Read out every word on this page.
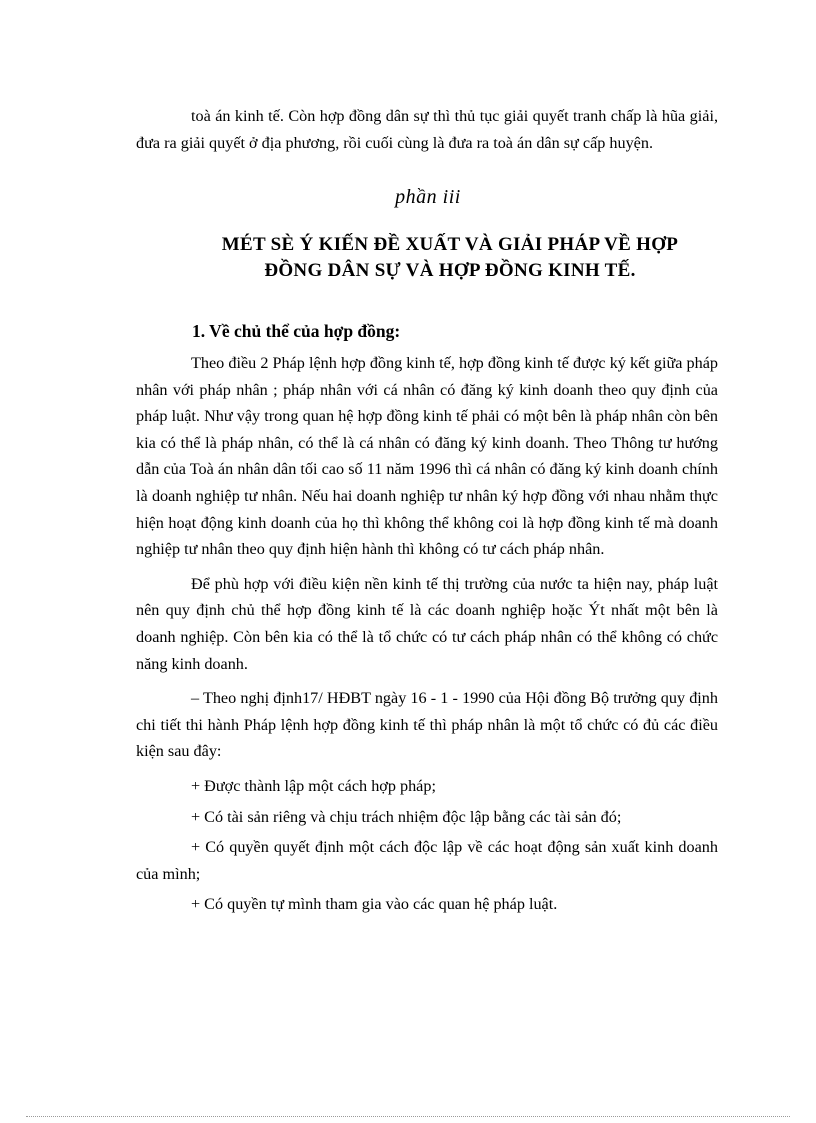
toà án kinh tế. Còn hợp đồng dân sự thì thủ tục giải quyết tranh chấp là hũa giải, đưa ra giải quyết ở địa phương, rồi cuối cùng là đưa ra toà án dân sự cấp huyện.
phần iii
MÉT SÈ Ý KIẾN ĐỀ XUẤT VÀ GIẢI PHÁP VỀ HỢP
ĐỒNG DÂN SỰ VÀ HỢP ĐỒNG KINH TẾ.
1. Về chủ thể của hợp đồng:

Theo điều 2 Pháp lệnh hợp đồng kinh tế, hợp đồng kinh tế được ký kết giữa pháp nhân với pháp nhân ; pháp nhân với cá nhân có đăng ký kinh doanh theo quy định của pháp luật. Như vậy trong quan hệ hợp đồng kinh tế phải có một bên là pháp nhân còn bên kia có thể là pháp nhân, có thể là cá nhân có đăng ký kinh doanh. Theo Thông tư hướng dẫn của Toà án nhân dân tối cao số 11 năm 1996 thì cá nhân có đăng ký kinh doanh chính là doanh nghiệp tư nhân. Nếu hai doanh nghiệp tư nhân ký hợp đồng với nhau nhằm thực hiện hoạt động kinh doanh của họ thì không thể không coi là hợp đồng kinh tế mà doanh nghiệp tư nhân theo quy định hiện hành thì không có tư cách pháp nhân.

Để phù hợp với điều kiện nền kinh tế thị trường của nước ta hiện nay, pháp luật nên quy định chủ thể hợp đồng kinh tế là các doanh nghiệp hoặc Ýt nhất một bên là doanh nghiệp. Còn bên kia có thể là tổ chức có tư cách pháp nhân có thể không có chức năng kinh doanh.

– Theo nghị định17/ HĐBT ngày 16 - 1 - 1990 của Hội đồng Bộ trưởng quy định chi tiết thi hành Pháp lệnh hợp đồng kinh tế thì pháp nhân là một tổ chức có đủ các điều kiện sau đây:

+ Được thành lập một cách hợp pháp;

+ Có tài sản riêng và chịu trách nhiệm độc lập bằng các tài sản đó;

+ Có quyền quyết định một cách độc lập về các hoạt động sản xuất kinh doanh của mình;

+ Có quyền tự mình tham gia vào các quan hệ pháp luật.
